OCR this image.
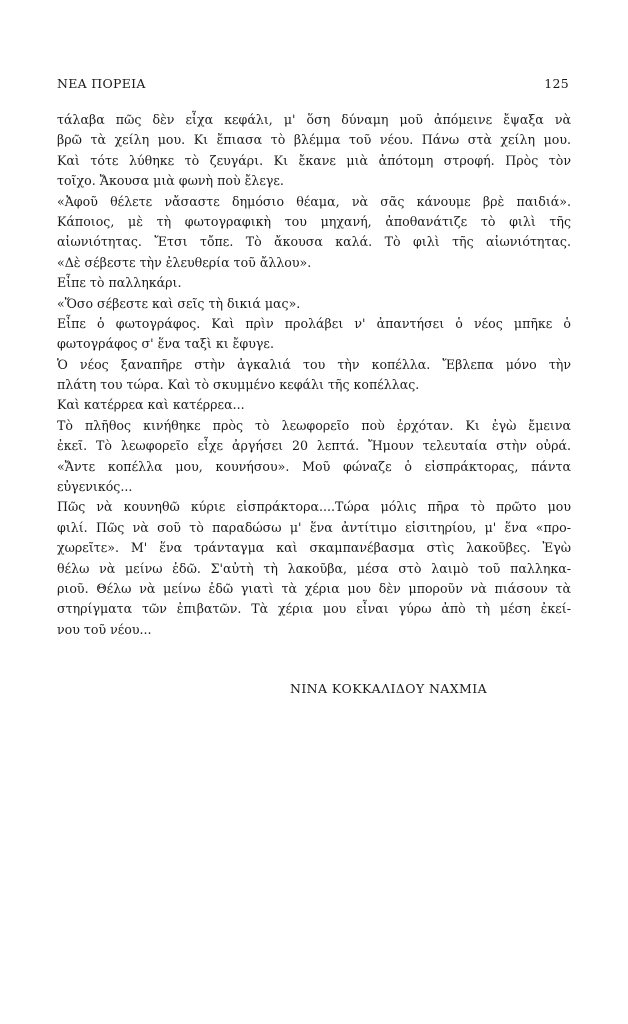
ΝΕΑ ΠΟΡΕΙΑ	125
τάλαβα πῶς δὲν εἶχα κεφάλι, μ' ὅση δύναμη μοῦ ἀπόμεινε ἔψαξα νὰ
βρῶ τὰ χείλη μου. Κι ἔπιασα τὸ βλέμμα τοῦ νέου. Πάνω στὰ χείλη μου.
Καὶ τότε λύθηκε τὸ ζευγάρι. Κι ἔκανε μιὰ ἀπότομη στροφή. Πρὸς τὸν
τοῖχο. Ἄκουσα μιὰ φωνὴ ποὺ ἔλεγε.
«Ἀφοῦ θέλετε νἄσαστε δημόσιο θέαμα, νὰ σᾶς κάνουμε βρὲ παιδιά».
Κάποιος, μὲ τὴ φωτογραφικὴ του μηχανή, ἀποθανάτιζε τὸ φιλὶ τῆς
αἰωνιότητας. Ἔτσι τὄπε. Τὸ ἄκουσα καλά. Τὸ φιλὶ τῆς αἰωνιότητας.
«Δὲ σέβεστε τὴν ἐλευθερία τοῦ ἄλλου».
Εἶπε τὸ παλληκάρι.
«Ὅσο σέβεστε καὶ σεῖς τὴ δικιά μας».
Εἶπε ὁ φωτογράφος. Καὶ πρὶν προλάβει ν' ἀπαντήσει ὁ νέος μπῆκε ὁ
φωτογράφος σ' ἕνα ταξὶ κι ἔφυγε.
Ὁ νέος ξαναπῆρε στὴν ἀγκαλιά του τὴν κοπέλλα. Ἔβλεπα μόνο τὴν
πλάτη του τώρα. Καὶ τὸ σκυμμένο κεφάλι τῆς κοπέλλας.
Καὶ κατέρρεα καὶ κατέρρεα...
Τὸ πλῆθος κινήθηκε πρὸς τὸ λεωφορεῖο ποὺ ἐρχόταν. Κι ἐγὼ ἔμεινα
ἐκεῖ. Τὸ λεωφορεῖο εἶχε ἀργήσει 20 λεπτά. Ἤμουν τελευταία στὴν οὐρά.
«Ἄντε κοπέλλα μου, κουνήσου». Μοῦ φώναζε ὁ εἰσπράκτορας, πάντα
εὐγενικός...
Πῶς νὰ κουνηθῶ κύριε εἰσπράκτορα....Τώρα μόλις πῆρα τὸ πρῶτο μου
φιλί. Πῶς νὰ σοῦ τὸ παραδώσω μ' ἕνα ἀντίτιμο εἰσιτηρίου, μ' ἕνα «προ-
χωρεῖτε». Μ' ἕνα τράνταγμα καὶ σκαμπανέβασμα στὶς λακοῦβες. Ἐγὼ
θέλω νὰ μείνω ἐδῶ. Σ'αὐτὴ τὴ λακοῦβα, μέσα στὸ λαιμὸ τοῦ παλληκα-
ριοῦ. Θέλω νὰ μείνω ἐδῶ γιατὶ τὰ χέρια μου δὲν μποροῦν νὰ πιάσουν τὰ
στηρίγματα τῶν ἐπιβατῶν. Τὰ χέρια μου εἶναι γύρω ἀπὸ τὴ μέση ἐκεί-
νου τοῦ νέου...
ΝΙΝΑ ΚΟΚΚΑΛΙΔΟΥ ΝΑΧΜΙΑ
